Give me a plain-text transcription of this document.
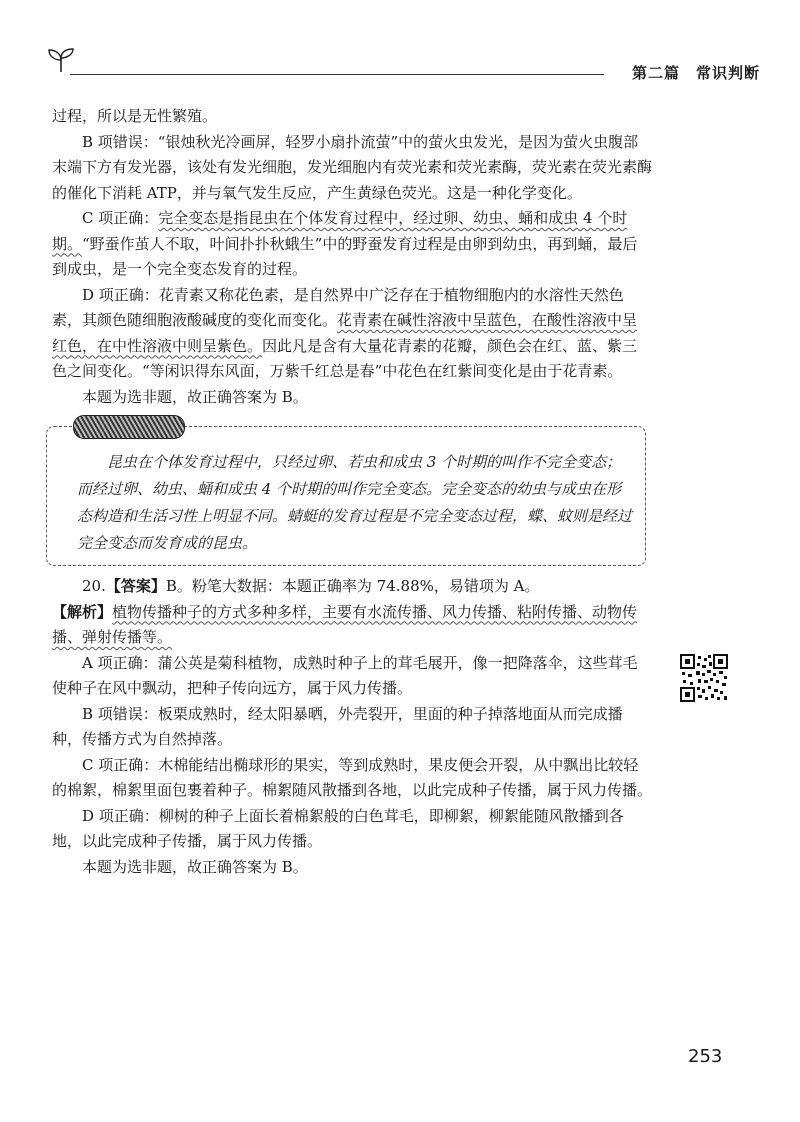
第二篇　常识判断

过程，所以是无性繁殖。

B 项错误：“银烛秋光冷画屏，轻罗小扇扑流萤”中的萤火虫发光，是因为萤火虫腹部末端下方有发光器，该处有发光细胞，发光细胞内有荧光素和荧光素酶，荧光素在荧光素酶的催化下消耗 ATP，并与氧气发生反应，产生黄绿色荧光。这是一种化学变化。

C 项正确：完全变态是指昆虫在个体发育过程中，经过卵、幼虫、蛹和成虫 4 个时期。“野蚕作茧人不取，叶间扑扑秋蛾生”中的野蚕发育过程是由卵到幼虫，再到蛹，最后到成虫，是一个完全变态发育的过程。

D 项正确：花青素又称花色素，是自然界中广泛存在于植物细胞内的水溶性天然色素，其颜色随细胞液酸碱度的变化而变化。花青素在碱性溶液中呈蓝色，在酸性溶液中呈红色，在中性溶液中则呈紫色。因此凡是含有大量花青素的花瓣，颜色会在红、蓝、紫三色之间变化。“等闲识得东风面，万紫千红总是春”中花色在红紫间变化是由于花青素。

本题为选非题，故正确答案为 B。

昆虫在个体发育过程中，只经过卵、若虫和成虫 3 个时期的叫作不完全变态；而经过卵、幼虫、蛹和成虫 4 个时期的叫作完全变态。完全变态的幼虫与成虫在形态构造和生活习性上明显不同。蜻蜓的发育过程是不完全变态过程，蝶、蚊则是经过完全变态而发育成的昆虫。

20.【答案】B。粉笔大数据：本题正确率为 74.88%，易错项为 A。

【解析】植物传播种子的方式多种多样，主要有水流传播、风力传播、粘附传播、动物传播、弹射传播等。

A 项正确：蒲公英是菊科植物，成熟时种子上的茸毛展开，像一把降落伞，这些茸毛使种子在风中飘动，把种子传向远方，属于风力传播。

B 项错误：板栗成熟时，经太阳暴晒，外壳裂开，里面的种子掉落地面从而完成播种，传播方式为自然掉落。

C 项正确：木棉能结出椭球形的果实，等到成熟时，果皮便会开裂，从中飘出比较轻的棉絮，棉絮里面包裹着种子。棉絮随风散播到各地，以此完成种子传播，属于风力传播。

D 项正确：柳树的种子上面长着棉絮般的白色茸毛，即柳絮，柳絮能随风散播到各地，以此完成种子传播，属于风力传播。

本题为选非题，故正确答案为 B。

253
